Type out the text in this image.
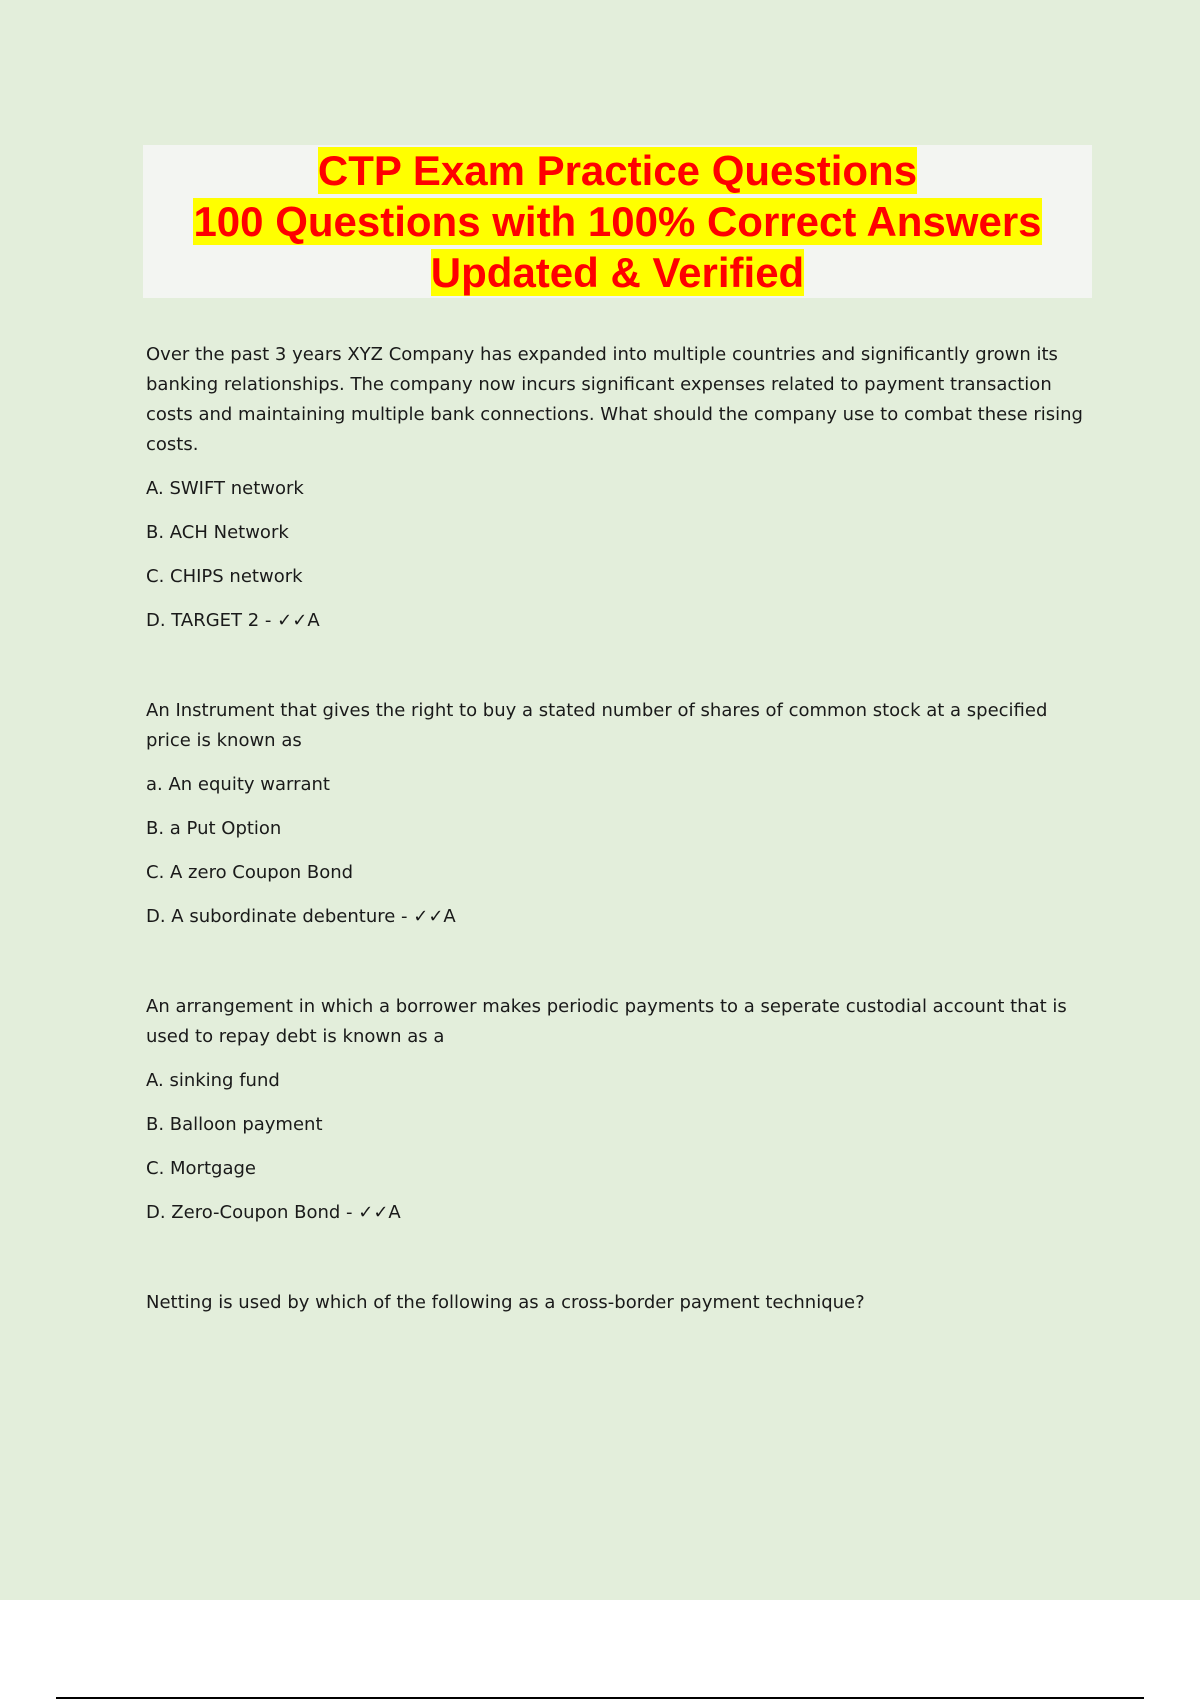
CTP Exam Practice Questions
100 Questions with 100% Correct Answers
Updated & Verified

Over the past 3 years XYZ Company has expanded into multiple countries and significantly grown its banking relationships. The company now incurs significant expenses related to payment transaction costs and maintaining multiple bank connections. What should the company use to combat these rising costs.

A. SWIFT network

B. ACH Network

C. CHIPS network

D. TARGET 2 - ✓✓A

An Instrument that gives the right to buy a stated number of shares of common stock at a specified price is known as

a. An equity warrant

B. a Put Option

C. A zero Coupon Bond

D. A subordinate debenture - ✓✓A

An arrangement in which a borrower makes periodic payments to a seperate custodial account that is used to repay debt is known as a

A. sinking fund

B. Balloon payment

C. Mortgage

D. Zero-Coupon Bond - ✓✓A

Netting is used by which of the following as a cross-border payment technique?
